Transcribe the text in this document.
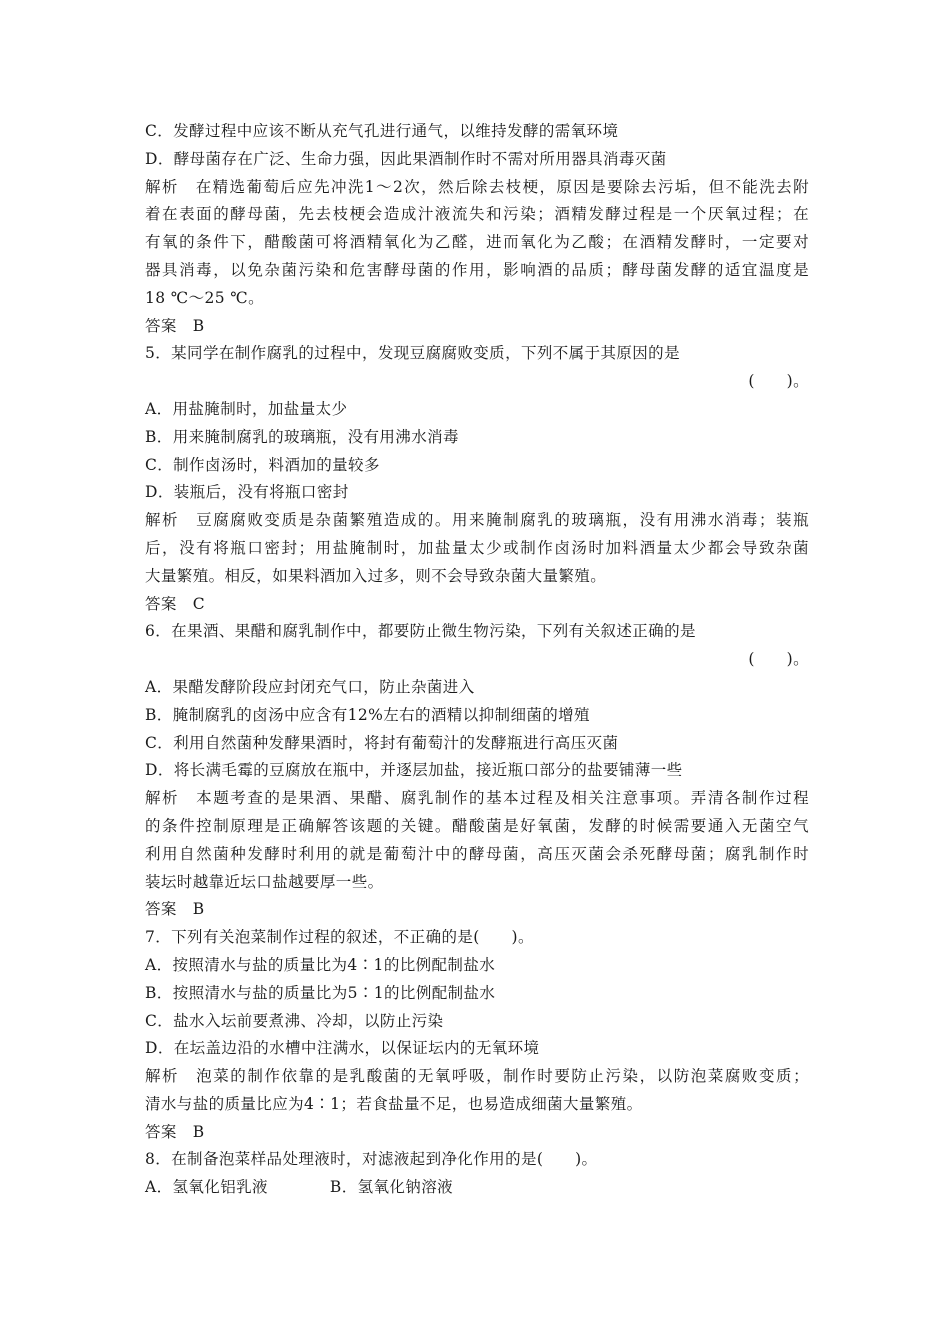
C．发酵过程中应该不断从充气孔进行通气，以维持发酵的需氧环境
D．酵母菌存在广泛、生命力强，因此果酒制作时不需对所用器具消毒灭菌
解析　在精选葡萄后应先冲洗1～2次，然后除去枝梗，原因是要除去污垢，但不能洗去附
着在表面的酵母菌，先去枝梗会造成汁液流失和污染；酒精发酵过程是一个厌氧过程；在
有氧的条件下，醋酸菌可将酒精氧化为乙醛，进而氧化为乙酸；在酒精发酵时，一定要对
器具消毒，以免杂菌污染和危害酵母菌的作用，影响酒的品质；酵母菌发酵的适宜温度是
18 ℃～25 ℃。
答案　B
5．某同学在制作腐乳的过程中，发现豆腐腐败变质，下列不属于其原因的是
(　　)。
A．用盐腌制时，加盐量太少
B．用来腌制腐乳的玻璃瓶，没有用沸水消毒
C．制作卤汤时，料酒加的量较多
D．装瓶后，没有将瓶口密封
解析　豆腐腐败变质是杂菌繁殖造成的。用来腌制腐乳的玻璃瓶，没有用沸水消毒；装瓶
后，没有将瓶口密封；用盐腌制时，加盐量太少或制作卤汤时加料酒量太少都会导致杂菌
大量繁殖。相反，如果料酒加入过多，则不会导致杂菌大量繁殖。
答案　C
6．在果酒、果醋和腐乳制作中，都要防止微生物污染，下列有关叙述正确的是
(　　)。
A．果醋发酵阶段应封闭充气口，防止杂菌进入
B．腌制腐乳的卤汤中应含有12%左右的酒精以抑制细菌的增殖
C．利用自然菌种发酵果酒时，将封有葡萄汁的发酵瓶进行高压灭菌
D．将长满毛霉的豆腐放在瓶中，并逐层加盐，接近瓶口部分的盐要铺薄一些
解析　本题考查的是果酒、果醋、腐乳制作的基本过程及相关注意事项。弄清各制作过程
的条件控制原理是正确解答该题的关键。醋酸菌是好氧菌，发酵的时候需要通入无菌空气
利用自然菌种发酵时利用的就是葡萄汁中的酵母菌，高压灭菌会杀死酵母菌；腐乳制作时
装坛时越靠近坛口盐越要厚一些。
答案　B
7．下列有关泡菜制作过程的叙述，不正确的是(　　)。
A．按照清水与盐的质量比为4∶1的比例配制盐水
B．按照清水与盐的质量比为5∶1的比例配制盐水
C．盐水入坛前要煮沸、冷却，以防止污染
D．在坛盖边沿的水槽中注满水，以保证坛内的无氧环境
解析　泡菜的制作依靠的是乳酸菌的无氧呼吸，制作时要防止污染，以防泡菜腐败变质；
清水与盐的质量比应为4∶1；若食盐量不足，也易造成细菌大量繁殖。
答案　B
8．在制备泡菜样品处理液时，对滤液起到净化作用的是(　　)。
A．氢氧化铝乳液	B．氢氧化钠溶液
